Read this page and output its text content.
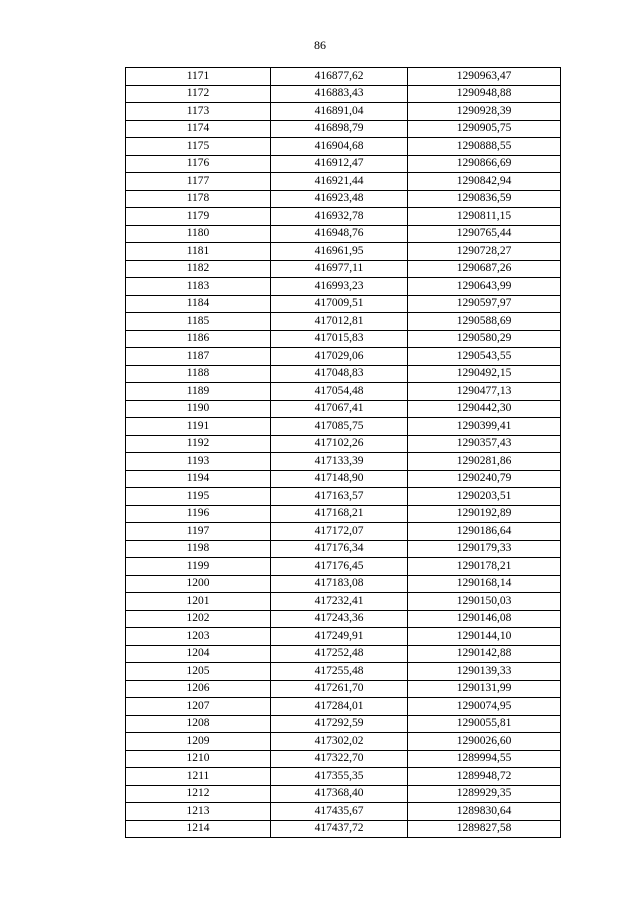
86
1171	416877,62	1290963,47
1172	416883,43	1290948,88
1173	416891,04	1290928,39
1174	416898,79	1290905,75
1175	416904,68	1290888,55
1176	416912,47	1290866,69
1177	416921,44	1290842,94
1178	416923,48	1290836,59
1179	416932,78	1290811,15
1180	416948,76	1290765,44
1181	416961,95	1290728,27
1182	416977,11	1290687,26
1183	416993,23	1290643,99
1184	417009,51	1290597,97
1185	417012,81	1290588,69
1186	417015,83	1290580,29
1187	417029,06	1290543,55
1188	417048,83	1290492,15
1189	417054,48	1290477,13
1190	417067,41	1290442,30
1191	417085,75	1290399,41
1192	417102,26	1290357,43
1193	417133,39	1290281,86
1194	417148,90	1290240,79
1195	417163,57	1290203,51
1196	417168,21	1290192,89
1197	417172,07	1290186,64
1198	417176,34	1290179,33
1199	417176,45	1290178,21
1200	417183,08	1290168,14
1201	417232,41	1290150,03
1202	417243,36	1290146,08
1203	417249,91	1290144,10
1204	417252,48	1290142,88
1205	417255,48	1290139,33
1206	417261,70	1290131,99
1207	417284,01	1290074,95
1208	417292,59	1290055,81
1209	417302,02	1290026,60
1210	417322,70	1289994,55
1211	417355,35	1289948,72
1212	417368,40	1289929,35
1213	417435,67	1289830,64
1214	417437,72	1289827,58
